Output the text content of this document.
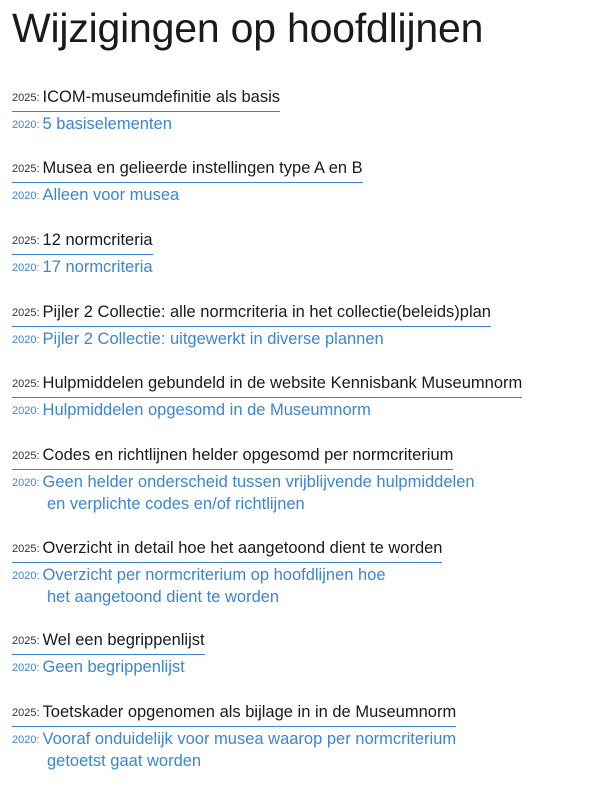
Wijzigingen op hoofdlijnen
2025: ICOM-museumdefinitie als basis
2020: 5 basiselementen
2025: Musea en gelieerde instellingen type A en B
2020: Alleen voor musea
2025: 12 normcriteria
2020: 17 normcriteria
2025: Pijler 2 Collectie: alle normcriteria in het collectie(beleids)plan
2020: Pijler 2 Collectie: uitgewerkt in diverse plannen
2025: Hulpmiddelen gebundeld in de website Kennisbank Museumnorm
2020: Hulpmiddelen opgesomd in de Museumnorm
2025: Codes en richtlijnen helder opgesomd per normcriterium
2020: Geen helder onderscheid tussen vrijblijvende hulpmiddelen
en verplichte codes en/of richtlijnen
2025: Overzicht in detail hoe het aangetoond dient te worden
2020: Overzicht per normcriterium op hoofdlijnen hoe
het aangetoond dient te worden
2025: Wel een begrippenlijst
2020: Geen begrippenlijst
2025: Toetskader opgenomen als bijlage in in de Museumnorm
2020: Vooraf onduidelijk voor musea waarop per normcriterium
getoetst gaat worden
